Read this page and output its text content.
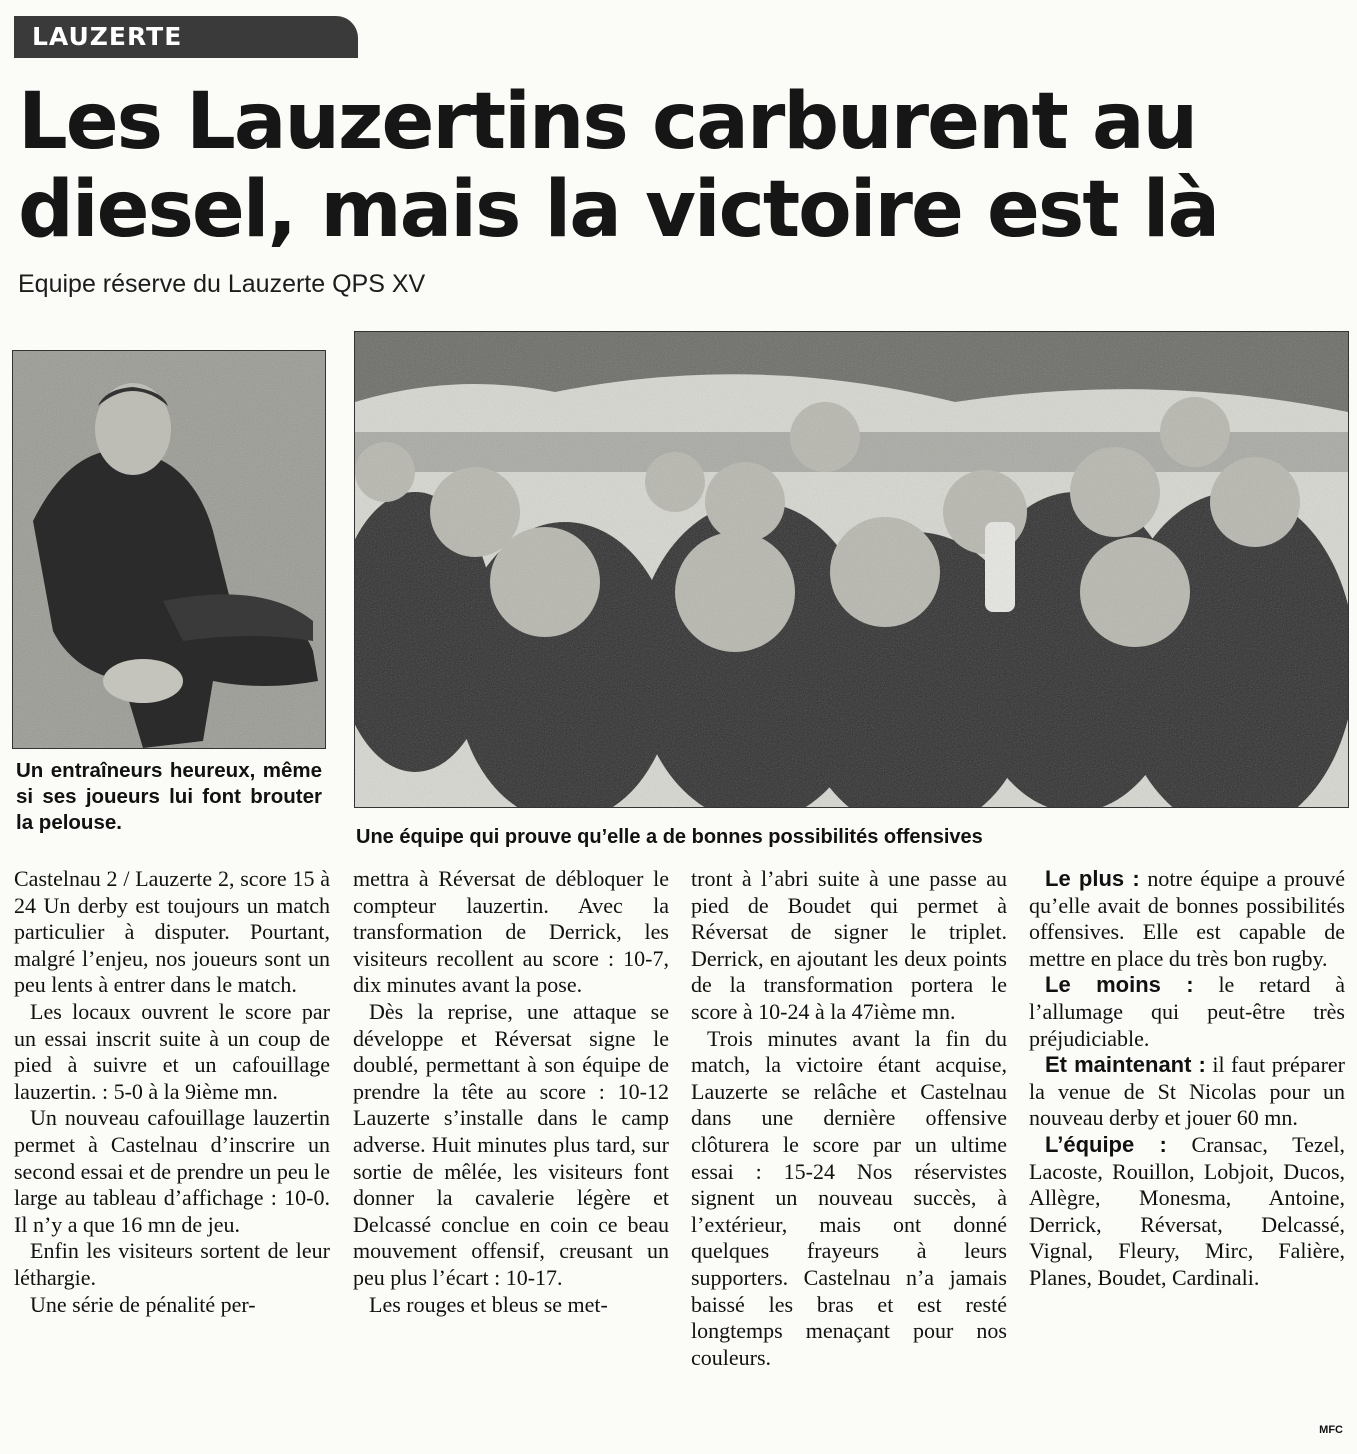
LAUZERTE
Les Lauzertins carburent au diesel, mais la victoire est là
Equipe réserve du Lauzerte QPS XV
Un entraîneurs heureux, même si ses joueurs lui font brouter la pelouse.
Une équipe qui prouve qu’elle a de bonnes possibilités offensives

Castelnau 2 / Lauzerte 2, score 15 à 24 Un derby est toujours un match particulier à disputer. Pourtant, malgré l’enjeu, nos joueurs sont un peu lents à entrer dans le match.

Les locaux ouvrent le score par un essai inscrit suite à un coup de pied à suivre et un cafouillage lauzertin. : 5-0 à la 9ième mn.

Un nouveau cafouillage lauzertin permet à Castelnau d’inscrire un second essai et de prendre un peu le large au tableau d’affichage : 10-0. Il n’y a que 16 mn de jeu.

Enfin les visiteurs sortent de leur léthargie.

Une série de pénalité per-

mettra à Réversat de débloquer le compteur lauzertin. Avec la transformation de Derrick, les visiteurs recollent au score : 10-7, dix minutes avant la pose.

Dès la reprise, une attaque se développe et Réversat signe le doublé, permettant à son équipe de prendre la tête au score : 10-12 Lauzerte s’installe dans le camp adverse. Huit minutes plus tard, sur sortie de mêlée, les visiteurs font donner la cavalerie légère et Delcassé conclue en coin ce beau mouvement offensif, creusant un peu plus l’écart : 10-17.

Les rouges et bleus se met-

tront à l’abri suite à une passe au pied de Boudet qui permet à Réversat de signer le triplet. Derrick, en ajoutant les deux points de la transformation portera le score à 10-24 à la 47ième mn.

Trois minutes avant la fin du match, la victoire étant acquise, Lauzerte se relâche et Castelnau dans une dernière offensive clôturera le score par un ultime essai : 15-24 Nos réservistes signent un nouveau succès, à l’extérieur, mais ont donné quelques frayeurs à leurs supporters. Castelnau n’a jamais baissé les bras et est resté longtemps menaçant pour nos couleurs.

Le plus : notre équipe a prouvé qu’elle avait de bonnes possibilités offensives. Elle est capable de mettre en place du très bon rugby.

Le moins : le retard à l’allumage qui peut-être très préjudiciable.

Et maintenant : il faut préparer la venue de St Nicolas pour un nouveau derby et jouer 60 mn.

L’équipe : Cransac, Tezel, Lacoste, Rouillon, Lobjoit, Ducos, Allègre, Monesma, Antoine, Derrick, Réversat, Delcassé, Vignal, Fleury, Mirc, Falière, Planes, Boudet, Cardinali.

MFC
